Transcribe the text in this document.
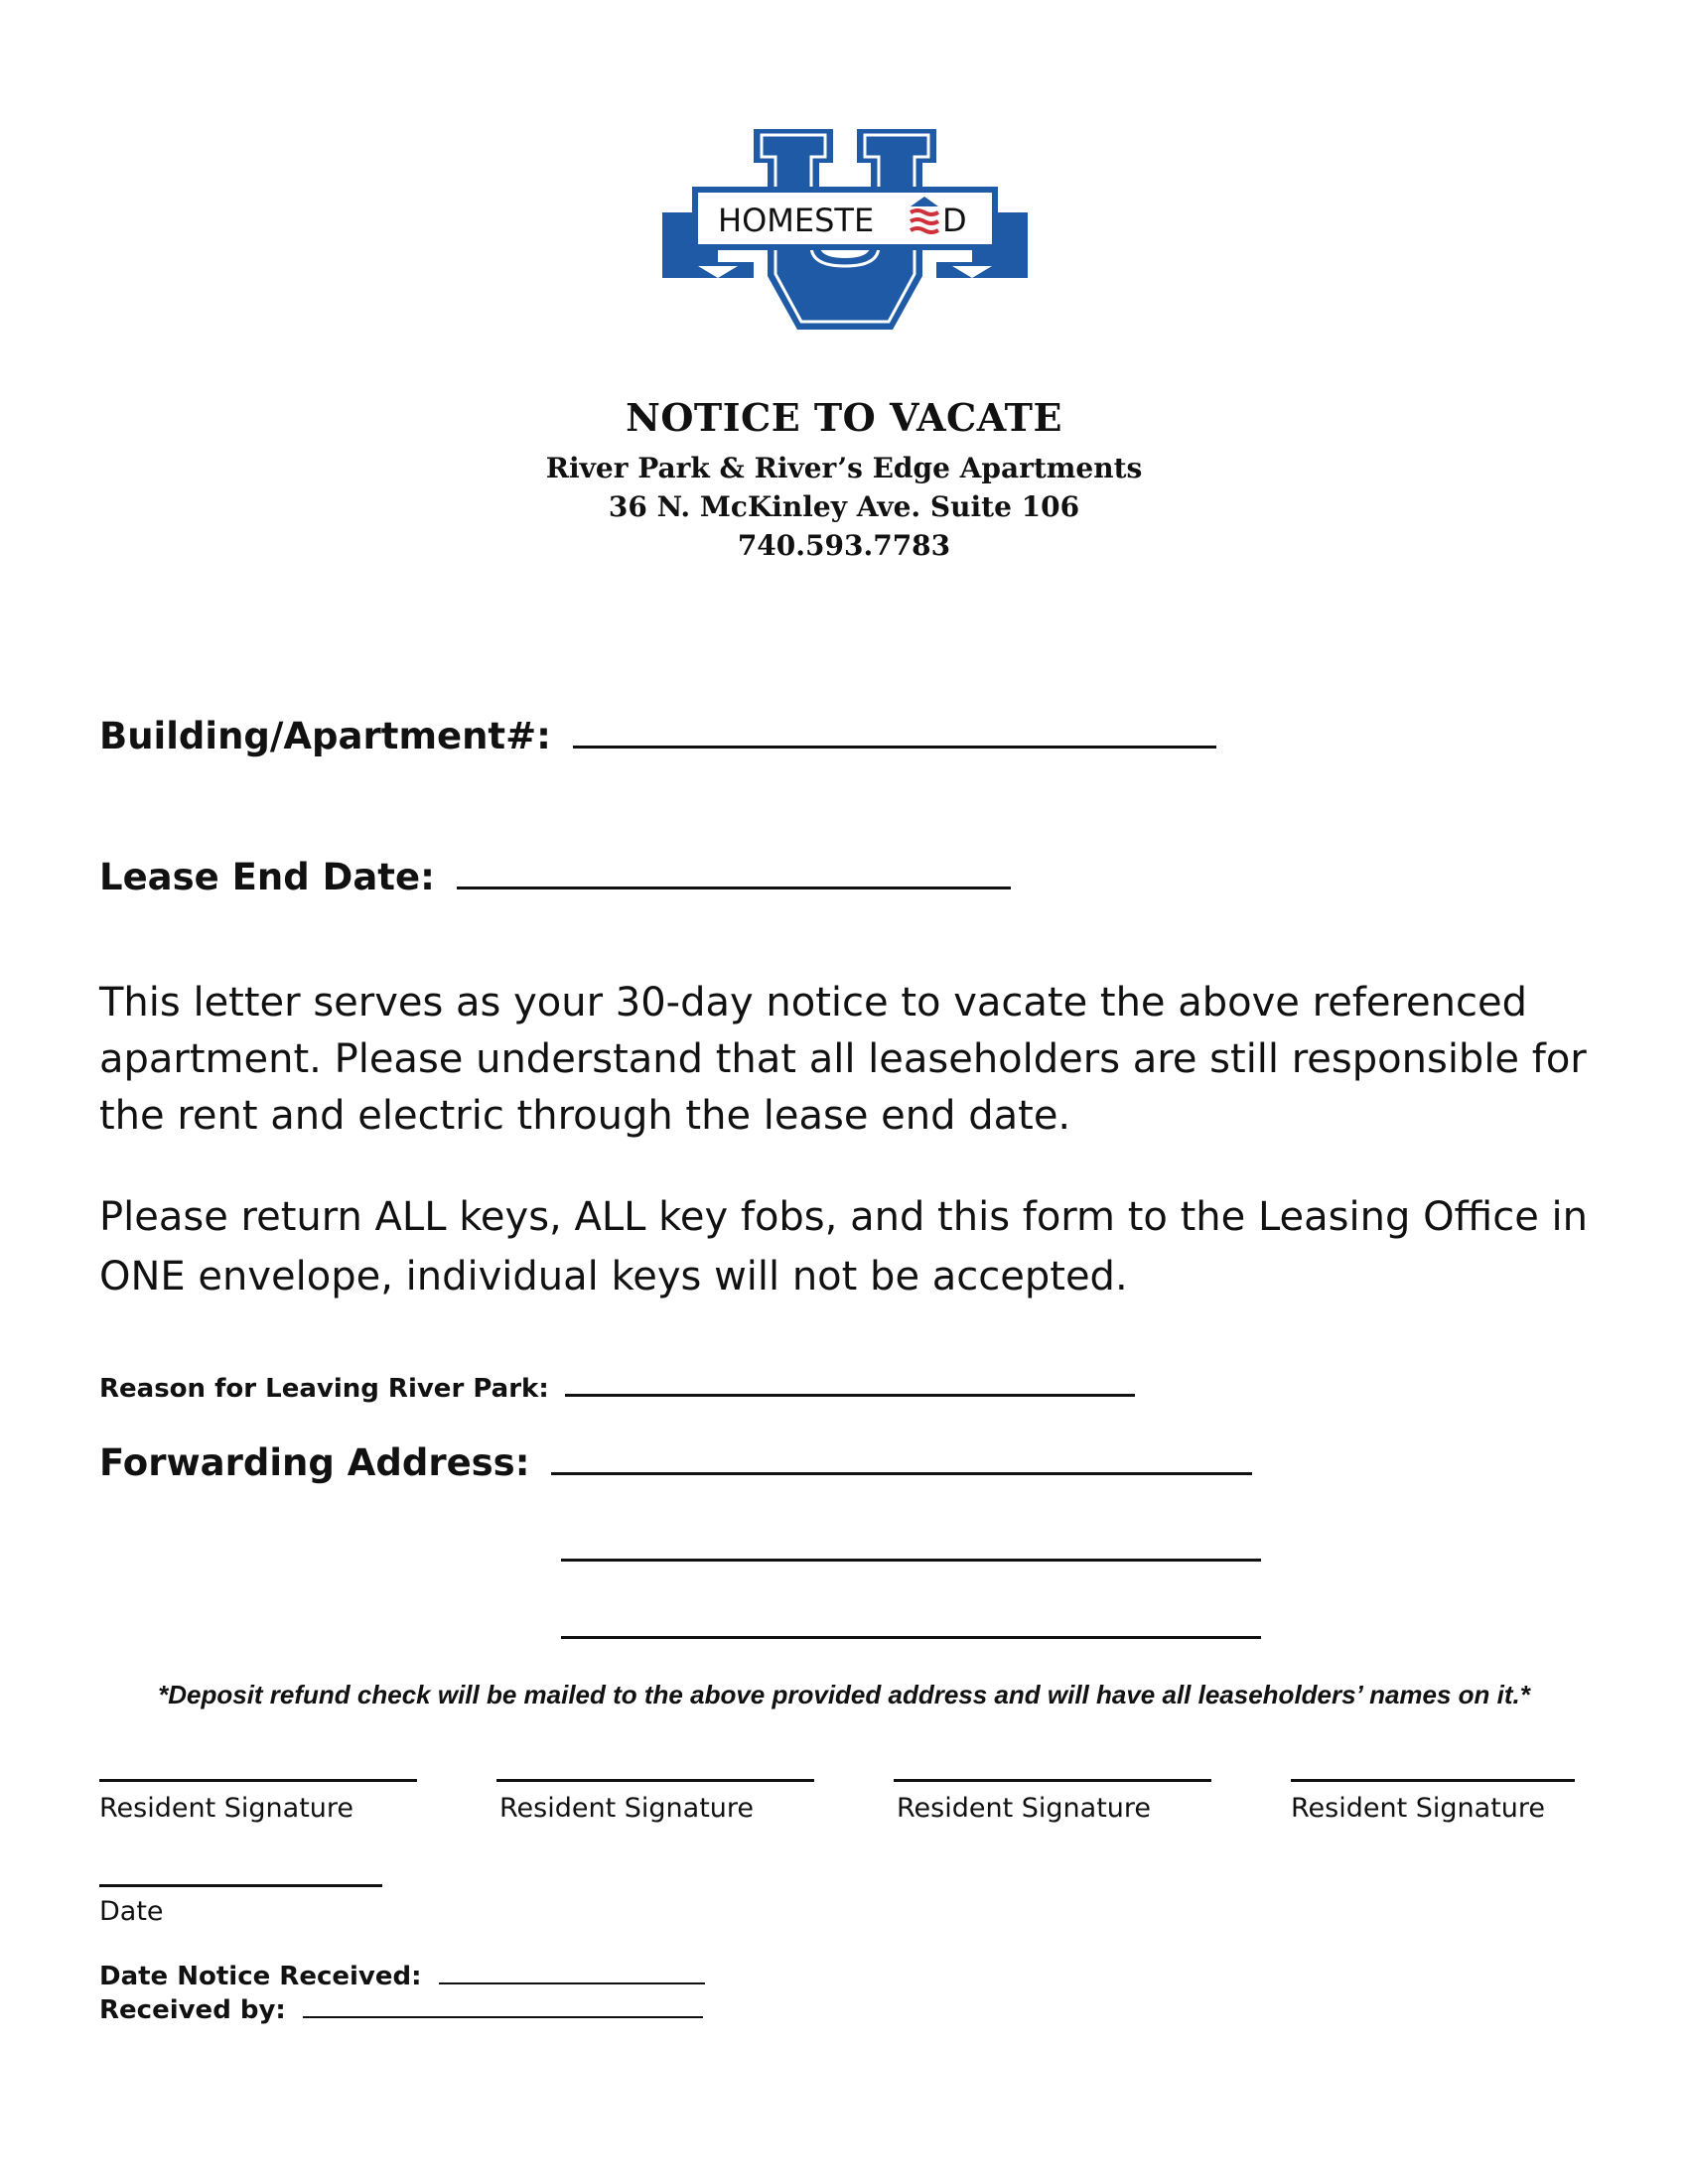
HOMESTE D
NOTICE TO VACATE
River Park & River’s Edge Apartments
36 N. McKinley Ave. Suite 106
740.593.7783
Building/Apartment#:
Lease End Date:

This letter serves as your 30-day notice to vacate the above referenced apartment. Please understand that all leaseholders are still responsible for the rent and electric through the lease end date.

Please return ALL keys, ALL key fobs, and this form to the Leasing Office in ONE envelope, individual keys will not be accepted.

Reason for Leaving River Park:
Forwarding Address:
*Deposit refund check will be mailed to the above provided address and will have all leaseholders’ names on it.*
Resident Signature	Resident Signature	Resident Signature	Resident Signature
Date
Date Notice Received:
Received by:
